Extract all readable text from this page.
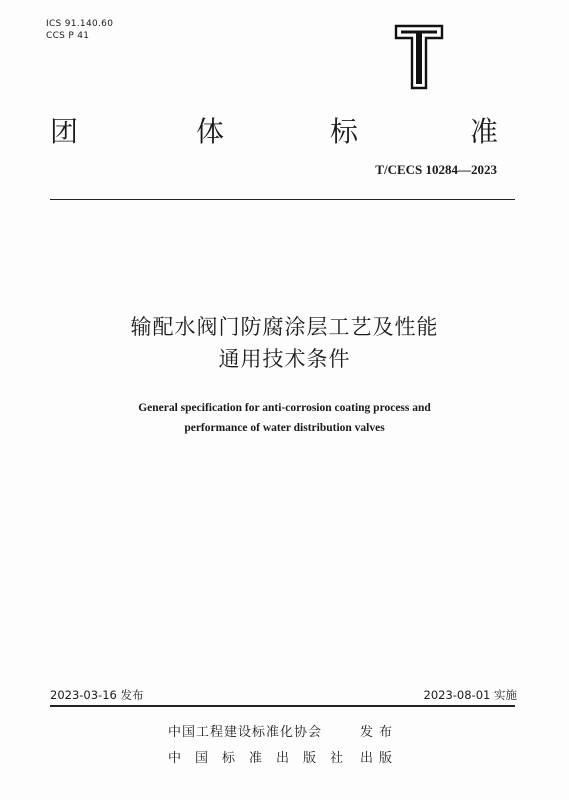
ICS 91.140.60
CCS P 41
团	体	标	准
T/CECS 10284—2023
输配水阀门防腐涂层工艺及性能
通用技术条件
General specification for anti-corrosion coating process and
performance of water distribution valves
2023-03-16 发布	2023-08-01 实施
中国工程建设标准化协会	发布
中国标准出版社 出版
